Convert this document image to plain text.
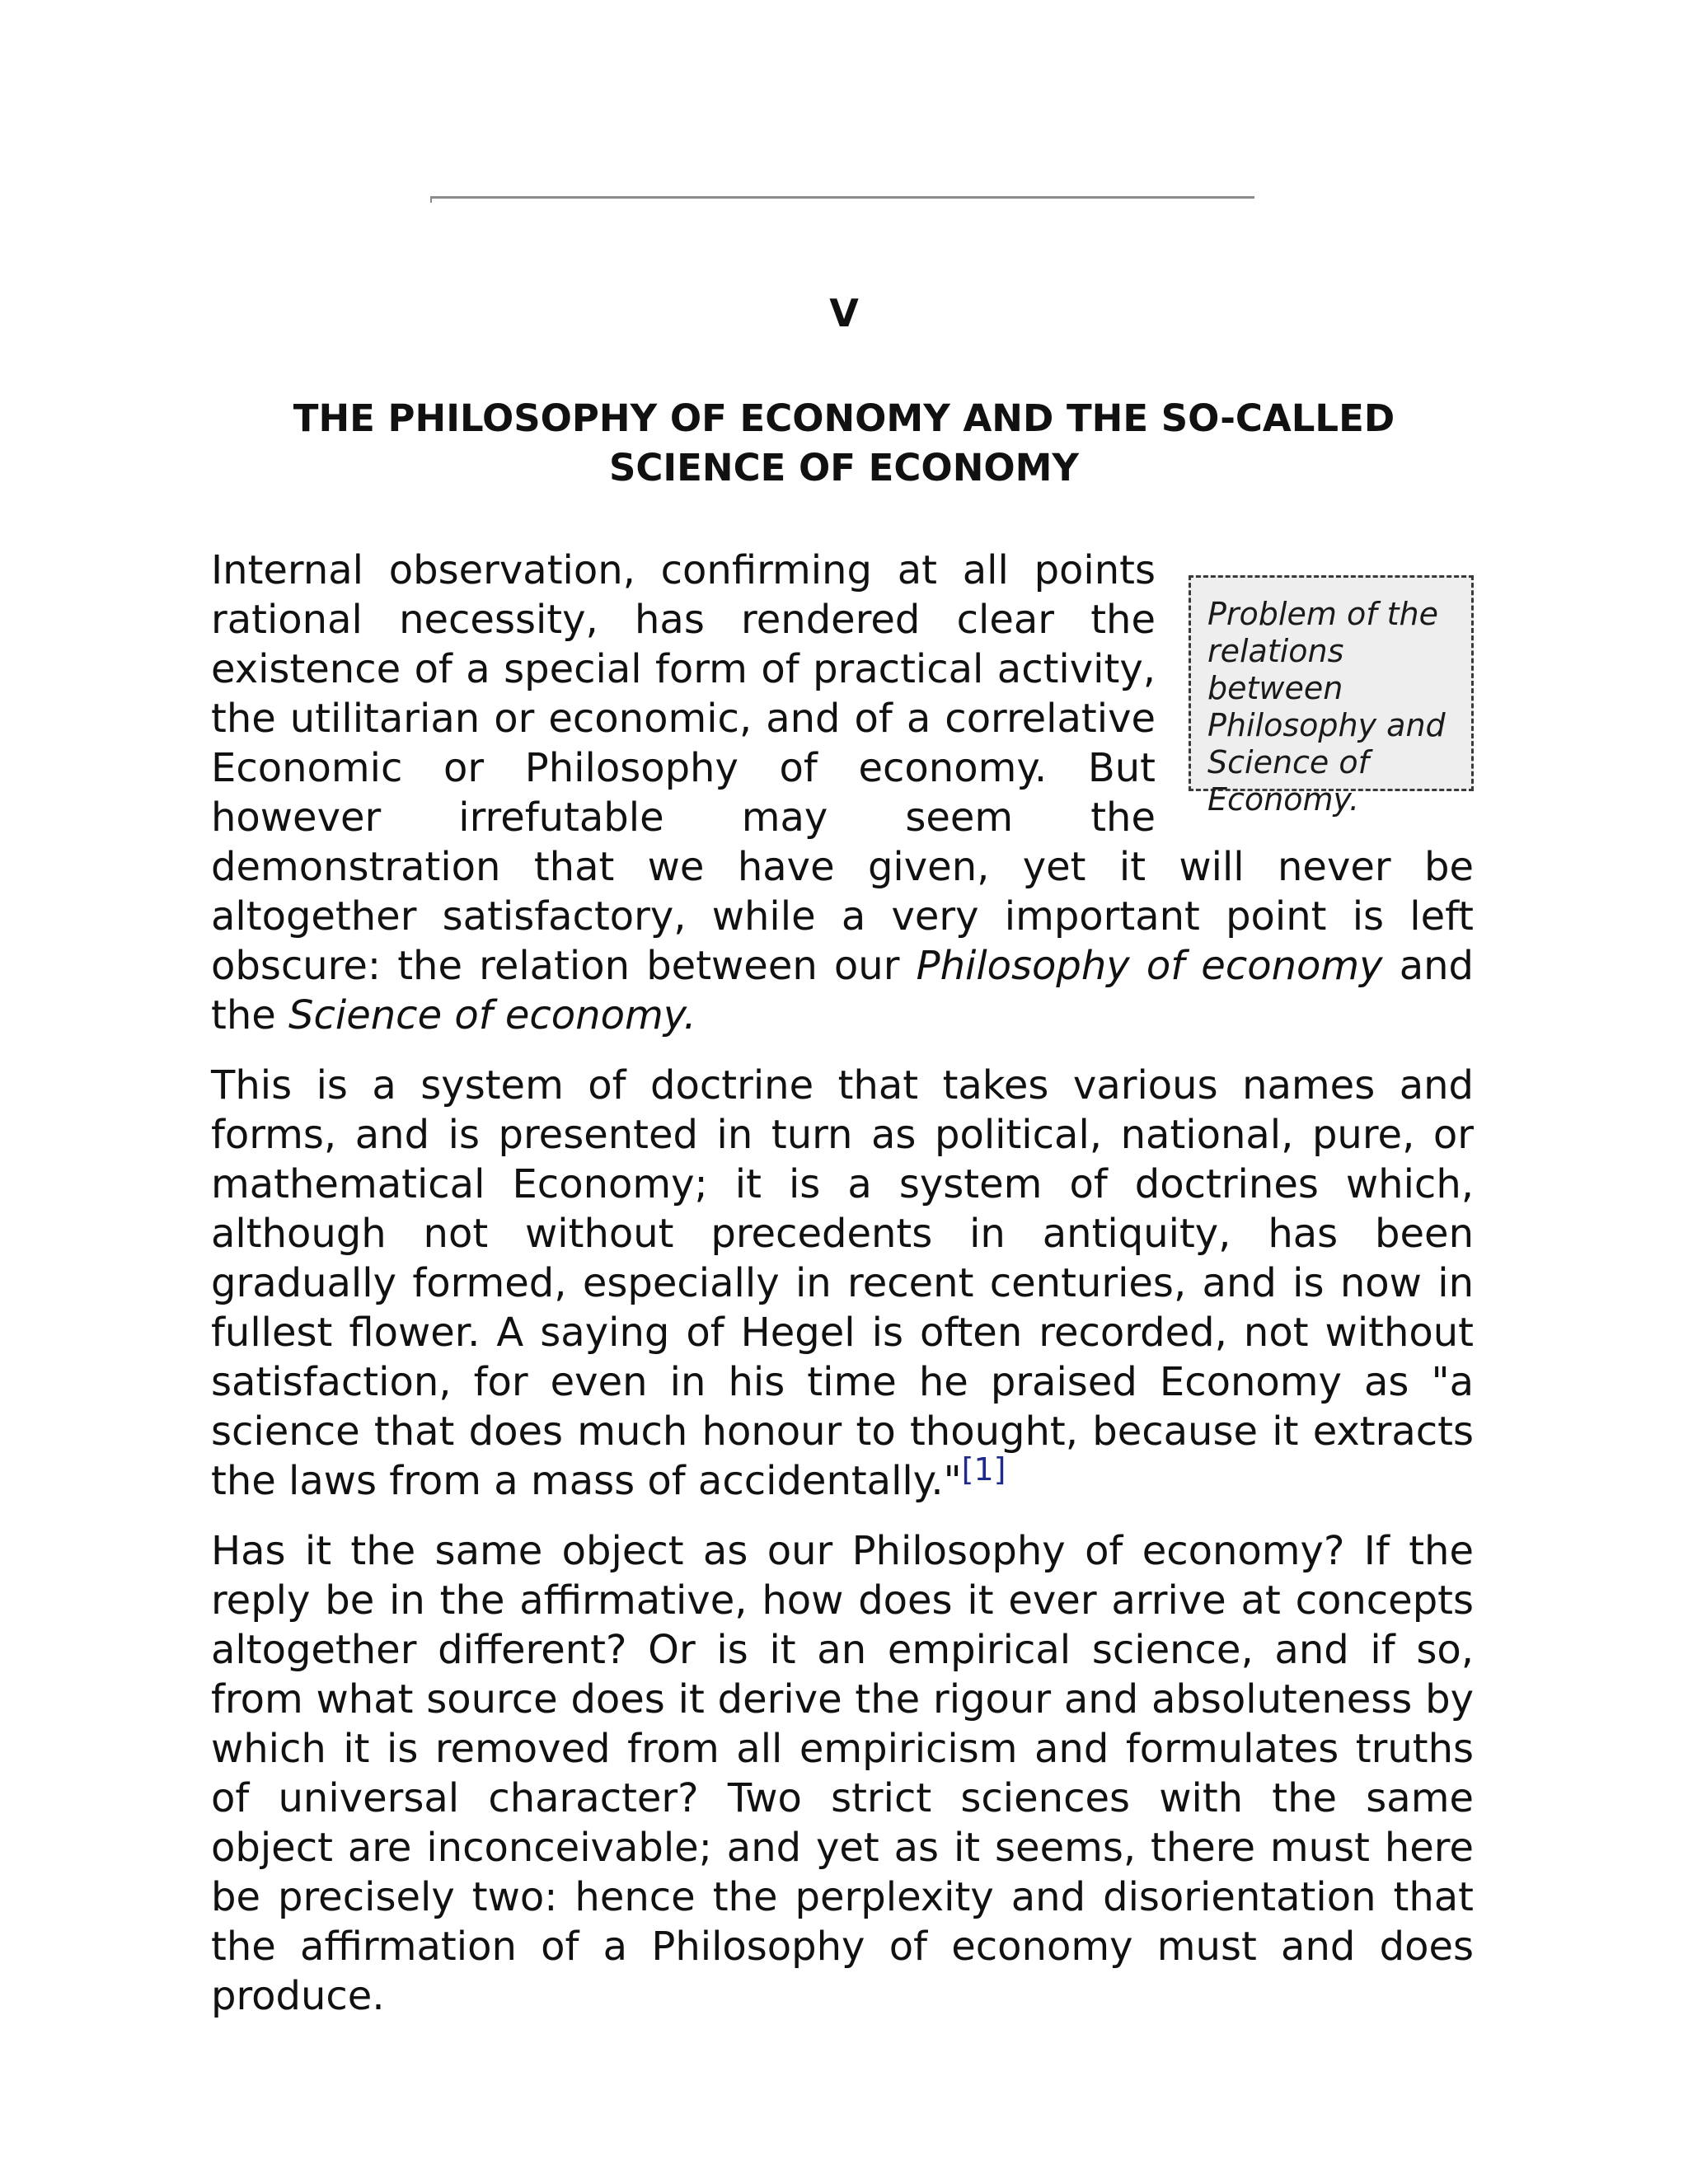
V
THE PHILOSOPHY OF ECONOMY AND THE SO-CALLED SCIENCE OF ECONOMY

Problem of the relations between Philosophy and Science of Economy.
Internal observation, confirming at all points rational necessity, has rendered clear the existence of a special form of practical activity, the utilitarian or economic, and of a correlative Economic or Philosophy of economy. But however irrefutable may seem the demonstration that we have given, yet it will never be altogether satisfactory, while a very important point is left obscure: the relation between our Philosophy of economy and the Science of economy.

This is a system of doctrine that takes various names and forms, and is presented in turn as political, national, pure, or mathematical Economy; it is a system of doctrines which, although not without precedents in antiquity, has been gradually formed, especially in recent centuries, and is now in fullest flower. A saying of Hegel is often recorded, not without satisfaction, for even in his time he praised Economy as "a science that does much honour to thought, because it extracts the laws from a mass of accidentally."[1]

Has it the same object as our Philosophy of economy? If the reply be in the affirmative, how does it ever arrive at concepts altogether different? Or is it an empirical science, and if so, from what source does it derive the rigour and absoluteness by which it is removed from all empiricism and formulates truths of universal character? Two strict sciences with the same object are inconceivable; and yet as it seems, there must here be precisely two: hence the perplexity and disorientation that the affirmation of a Philosophy of economy must and does produce.
